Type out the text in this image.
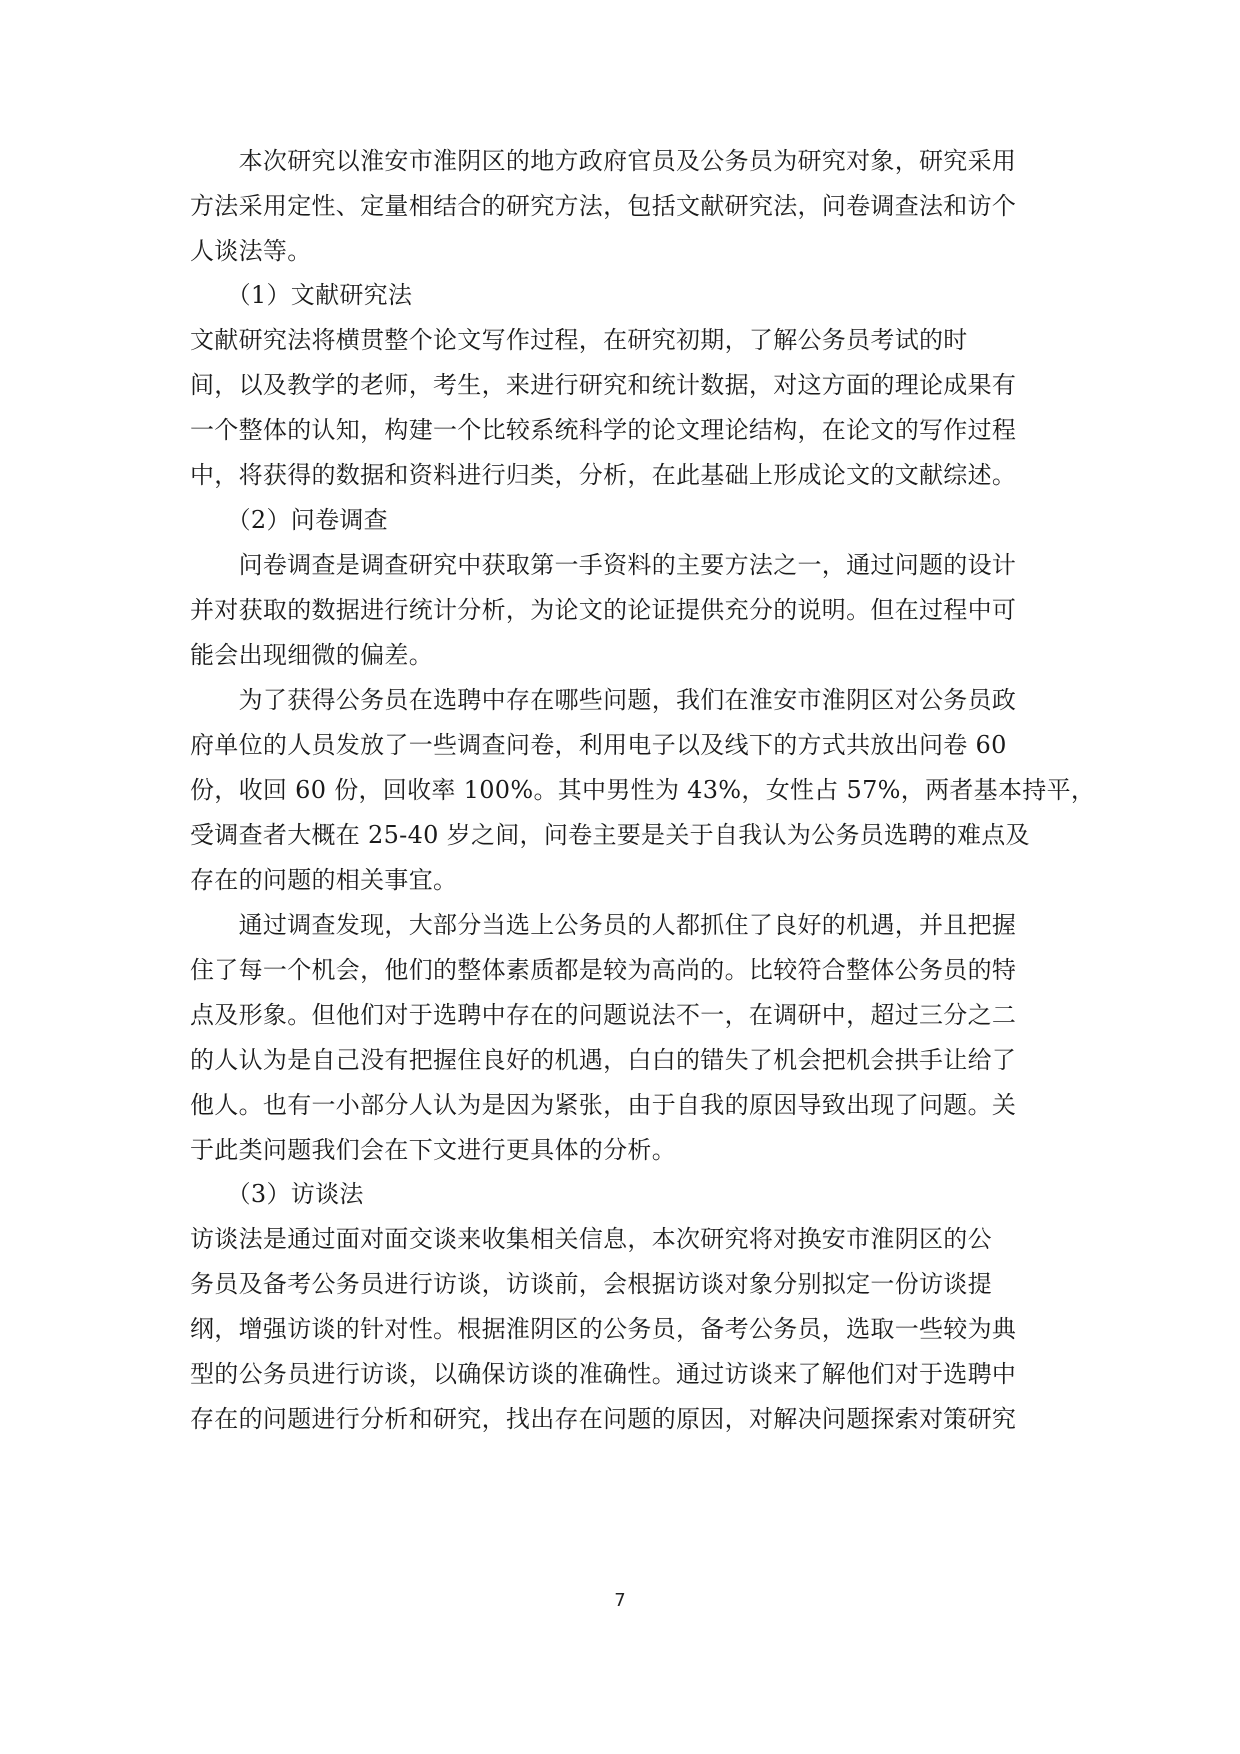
　　本次研究以淮安市淮阴区的地方政府官员及公务员为研究对象，研究采用
方法采用定性、定量相结合的研究方法，包括文献研究法，问卷调查法和访个
人谈法等。
　　（1）文献研究法
文献研究法将横贯整个论文写作过程，在研究初期，了解公务员考试的时
间，以及教学的老师，考生，来进行研究和统计数据，对这方面的理论成果有
一个整体的认知，构建一个比较系统科学的论文理论结构，在论文的写作过程
中，将获得的数据和资料进行归类，分析，在此基础上形成论文的文献综述。
　　（2）问卷调查
　　问卷调查是调查研究中获取第一手资料的主要方法之一，通过问题的设计
并对获取的数据进行统计分析，为论文的论证提供充分的说明。但在过程中可
能会出现细微的偏差。
　　为了获得公务员在选聘中存在哪些问题，我们在淮安市淮阴区对公务员政
府单位的人员发放了一些调查问卷，利用电子以及线下的方式共放出问卷 60
份，收回 60 份，回收率 100%。其中男性为 43%，女性占 57%，两者基本持平，
受调查者大概在 25-40 岁之间，问卷主要是关于自我认为公务员选聘的难点及
存在的问题的相关事宜。
　　通过调查发现，大部分当选上公务员的人都抓住了良好的机遇，并且把握
住了每一个机会，他们的整体素质都是较为高尚的。比较符合整体公务员的特
点及形象。但他们对于选聘中存在的问题说法不一，在调研中，超过三分之二
的人认为是自己没有把握住良好的机遇，白白的错失了机会把机会拱手让给了
他人。也有一小部分人认为是因为紧张，由于自我的原因导致出现了问题。关
于此类问题我们会在下文进行更具体的分析。
　　（3）访谈法
访谈法是通过面对面交谈来收集相关信息，本次研究将对换安市淮阴区的公
务员及备考公务员进行访谈，访谈前，会根据访谈对象分别拟定一份访谈提
纲，增强访谈的针对性。根据淮阴区的公务员，备考公务员，选取一些较为典
型的公务员进行访谈，以确保访谈的准确性。通过访谈来了解他们对于选聘中
存在的问题进行分析和研究，找出存在问题的原因，对解决问题探索对策研究
7
